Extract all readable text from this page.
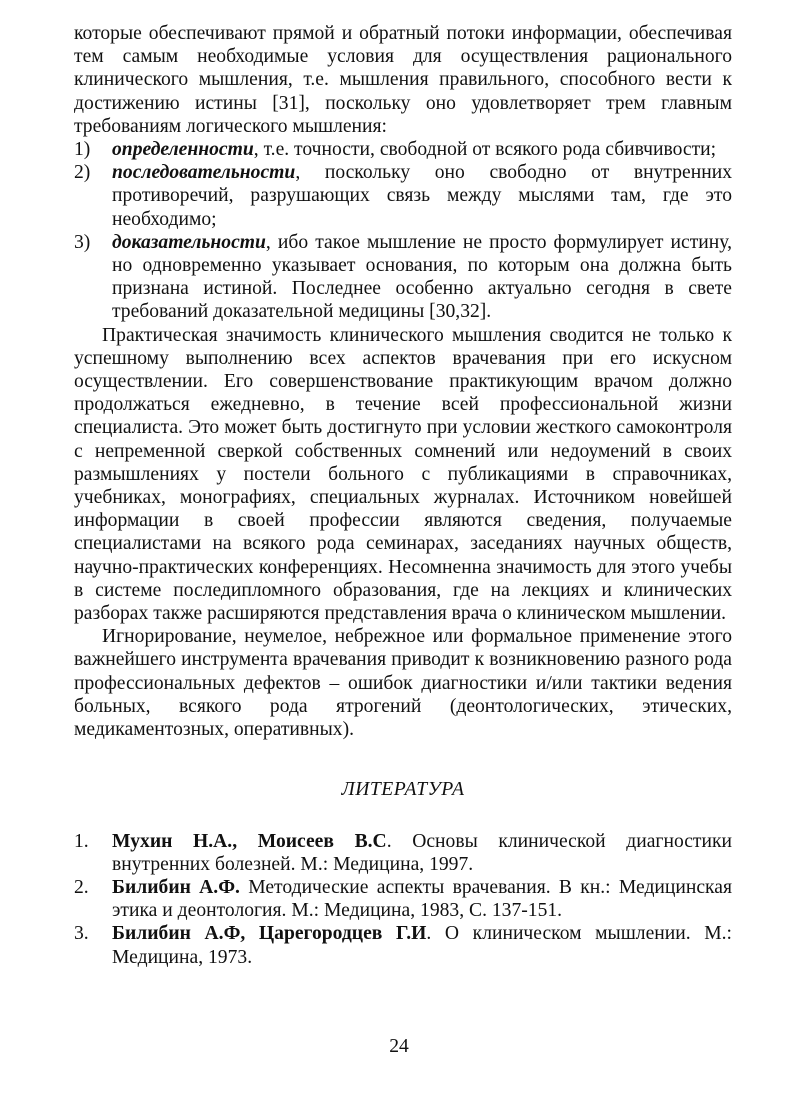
которые обеспечивают прямой и обратный потоки информации, обеспечивая тем самым необходимые условия для осуществления рационального клинического мышления, т.е. мышления правильного, способного вести к достижению истины [31], поскольку оно удовлетворяет трем главным требованиям логического мышления:

1) определенности, т.е. точности, свободной от всякого рода сбивчивости;
2) последовательности, поскольку оно свободно от внутренних противоречий, разрушающих связь между мыслями там, где это необходимо;
3) доказательности, ибо такое мышление не просто формулирует истину, но одновременно указывает основания, по которым она должна быть признана истиной. Последнее особенно актуально сегодня в свете требований доказательной медицины [30,32].

Практическая значимость клинического мышления сводится не только к успешному выполнению всех аспектов врачевания при его искусном осуществлении. Его совершенствование практикующим врачом должно продолжаться ежедневно, в течение всей профессиональной жизни специалиста. Это может быть достигнуто при условии жесткого самоконтроля с непременной сверкой собственных сомнений или недоумений в своих размышлениях у постели больного с публикациями в справочниках, учебниках, монографиях, специальных журналах. Источником новейшей информации в своей профессии являются сведения, получаемые специалистами на всякого рода семинарах, заседаниях научных обществ, научно-практических конференциях. Несомненна значимость для этого учебы в системе последипломного образования, где на лекциях и клинических разборах также расширяются представления врача о клиническом мышлении.

Игнорирование, неумелое, небрежное или формальное применение этого важнейшего инструмента врачевания приводит к возникновению разного рода профессиональных дефектов – ошибок диагностики и/или тактики ведения больных, всякого рода ятрогений (деонтологических, этических, медикаментозных, оперативных).

ЛИТЕРАТУРА
1. Мухин Н.А., Моисеев В.С. Основы клинической диагностики внутренних болезней. М.: Медицина, 1997.
2. Билибин А.Ф. Методические аспекты врачевания. В кн.: Медицинская этика и деонтология. М.: Медицина, 1983, С. 137-151.
3. Билибин А.Ф, Царегородцев Г.И. О клиническом мышлении. М.: Медицина, 1973.
24
